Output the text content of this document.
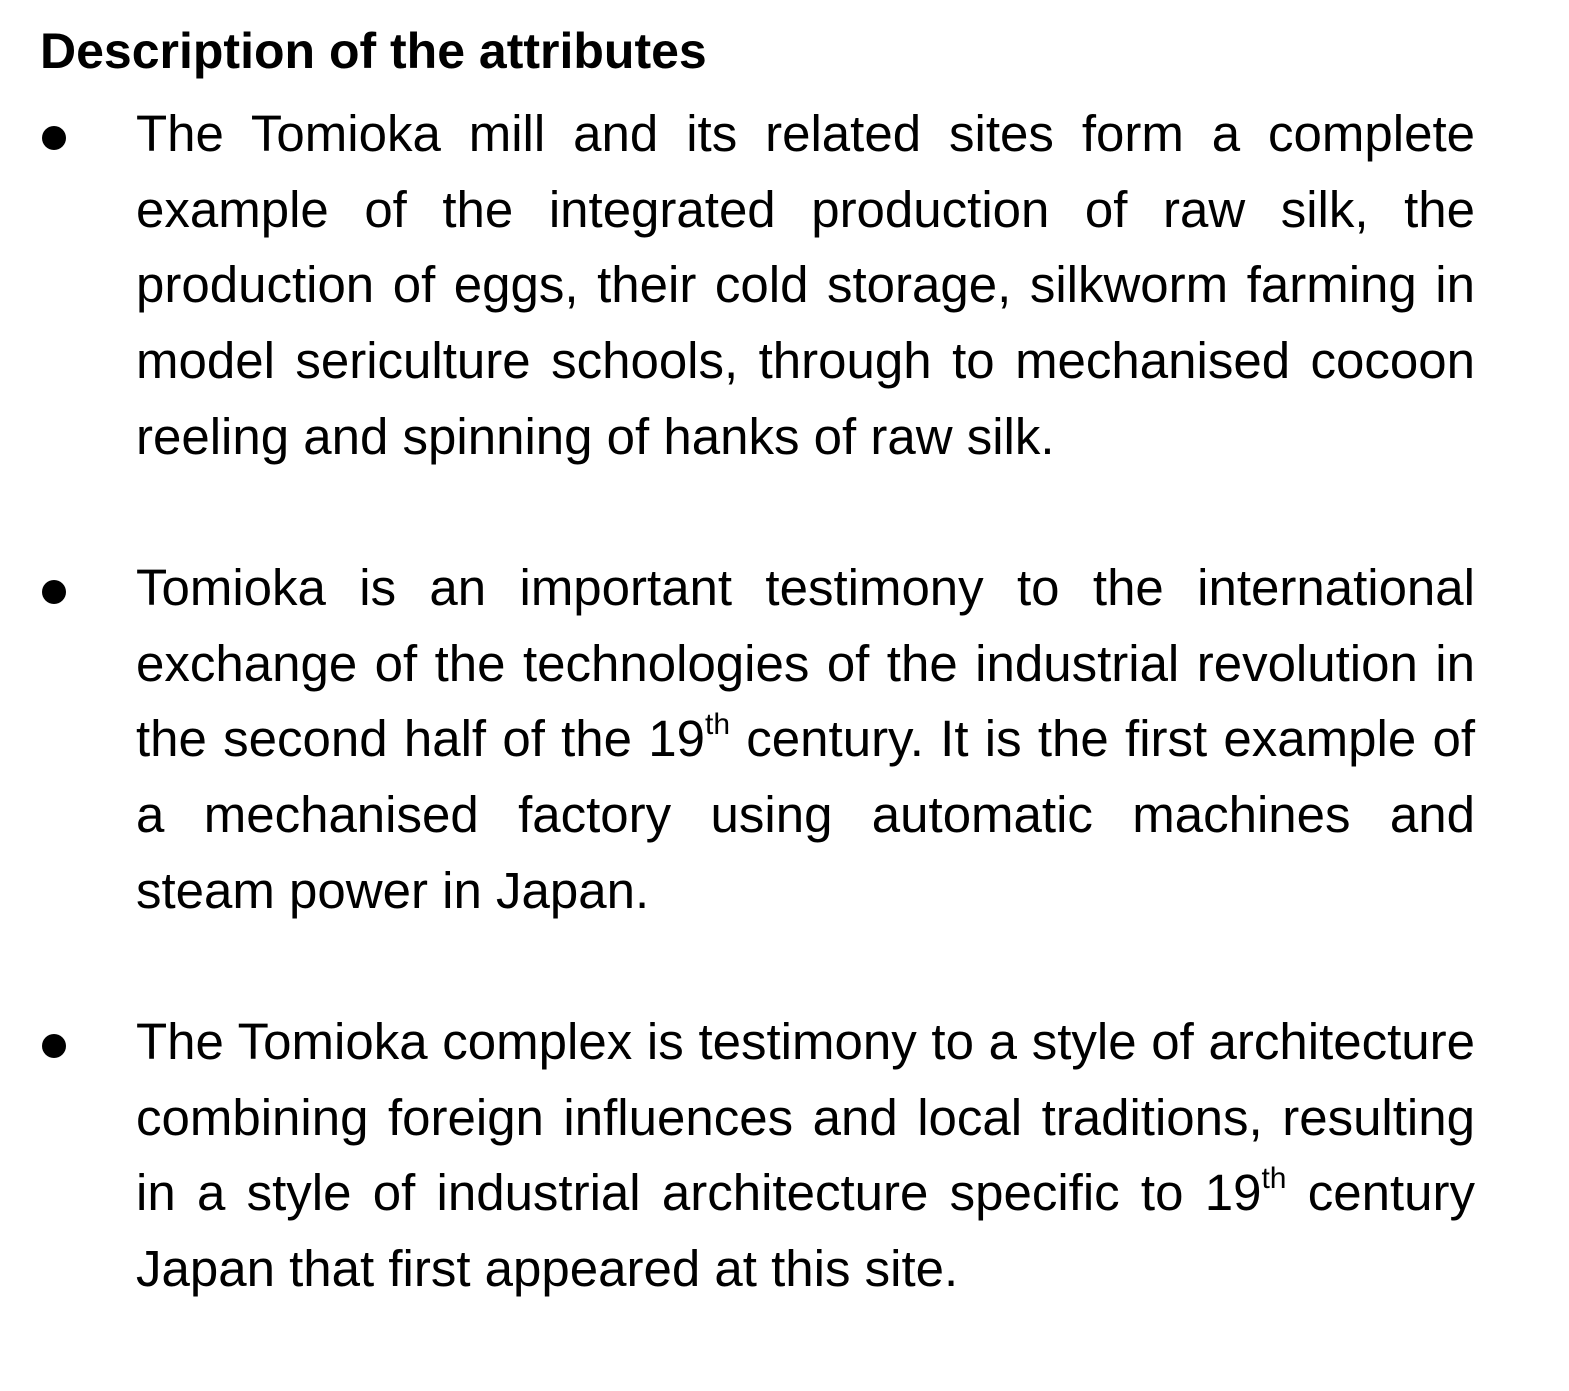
Description of the attributes

The Tomioka mill and its related sites form a complete example of the integrated production of raw silk, the production of eggs, their cold storage, silkworm farming in model sericulture schools, through to mechanised cocoon reeling and spinning of hanks of raw silk.

Tomioka is an important testimony to the international exchange of the technologies of the industrial revolution in the second half of the 19th century. It is the first example of a mechanised factory using automatic machines and steam power in Japan.

The Tomioka complex is testimony to a style of architecture combining foreign influences and local traditions, resulting in a style of industrial architecture specific to 19th century Japan that first appeared at this site.
